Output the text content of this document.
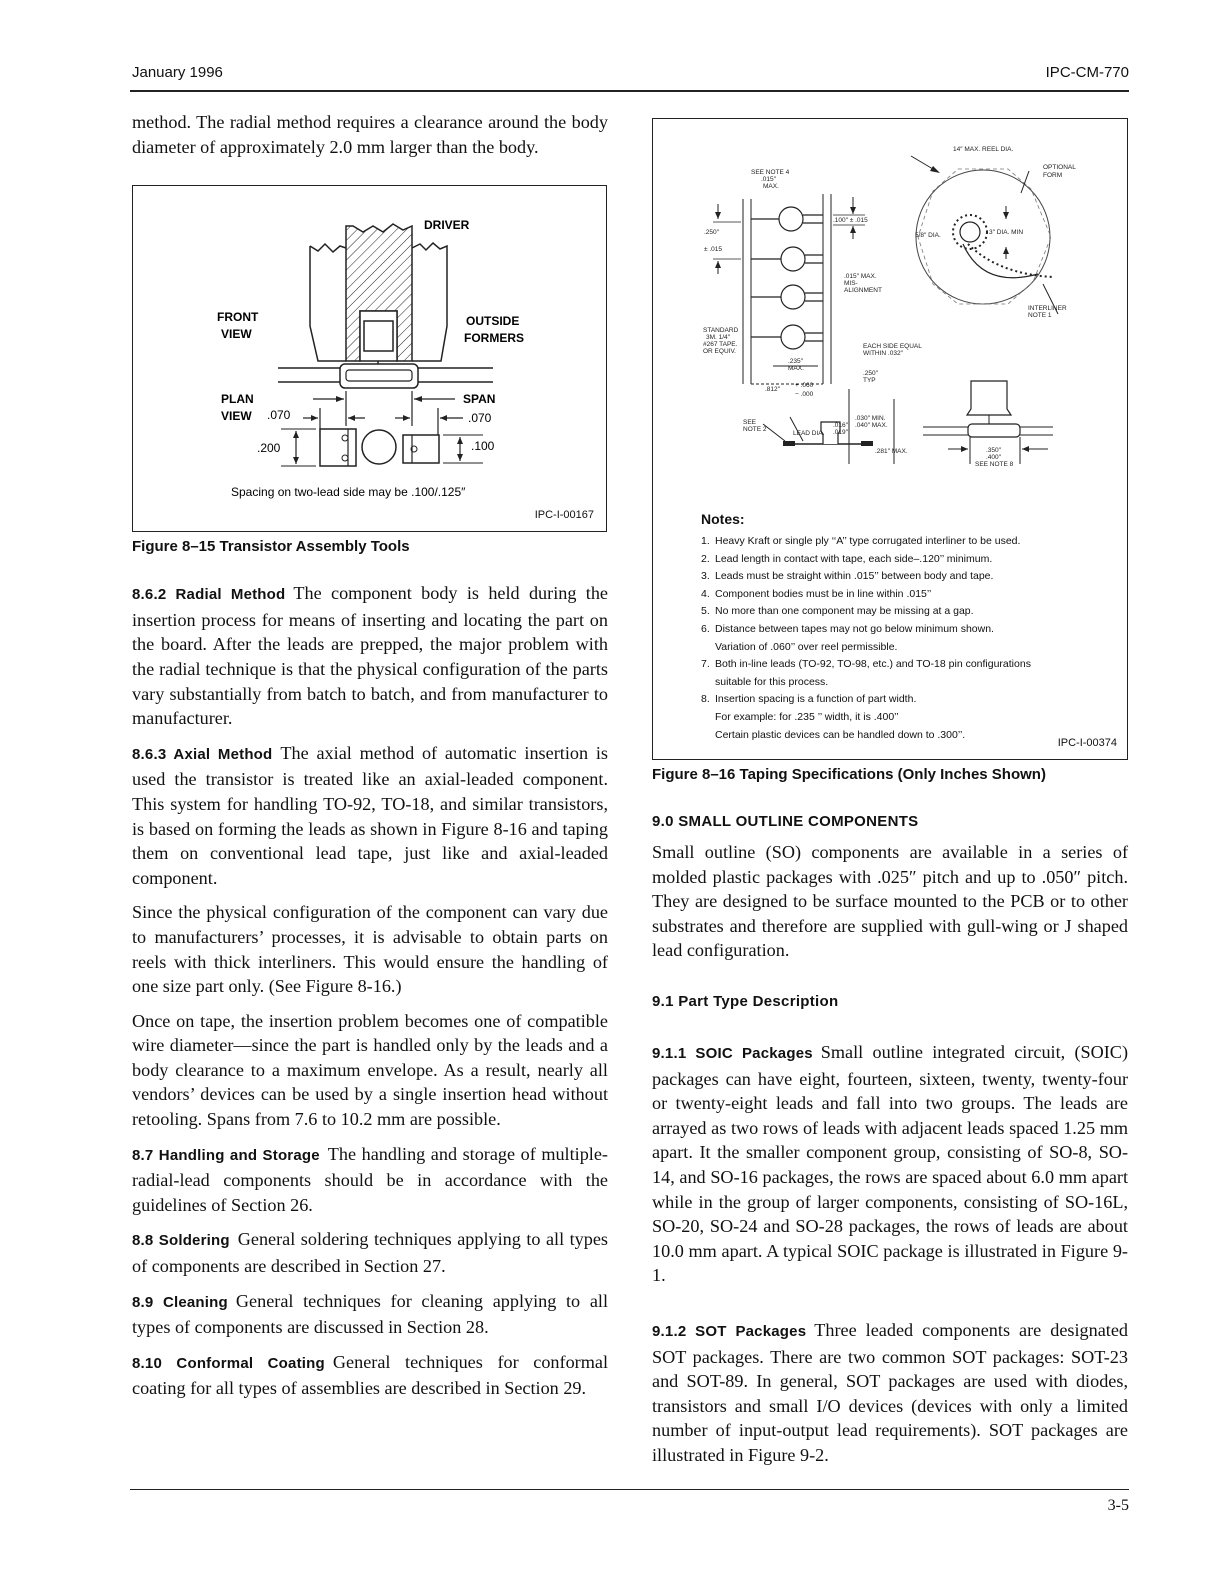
January 1996	IPC-CM-770

method. The radial method requires a clearance around the body diameter of approximately 2.0 mm larger than the body.

DRIVER
FRONT
VIEW
OUTSIDE
FORMERS
PLAN
VIEW
SPAN
.070	.070
.200	.100
Spacing on two-lead side may be .100/.125″
IPC-I-00167
Figure 8–15 Transistor Assembly Tools

8.6.2 Radial Method The component body is held during the insertion process for means of inserting and locating the part on the board. After the leads are prepped, the major problem with the radial technique is that the physical configuration of the parts vary substantially from batch to batch, and from manufacturer to manufacturer.

8.6.3 Axial Method The axial method of automatic insertion is used the transistor is treated like an axial-leaded component. This system for handling TO-92, TO-18, and similar transistors, is based on forming the leads as shown in Figure 8-16 and taping them on conventional lead tape, just like and axial-leaded component.

Since the physical configuration of the component can vary due to manufacturers’ processes, it is advisable to obtain parts on reels with thick interliners. This would ensure the handling of one size part only. (See Figure 8-16.)

Once on tape, the insertion problem becomes one of compatible wire diameter—since the part is handled only by the leads and a body clearance to a maximum envelope. As a result, nearly all vendors’ devices can be used by a single insertion head without retooling. Spans from 7.6 to 10.2 mm are possible.

8.7 Handling and Storage The handling and storage of multiple-radial-lead components should be in accordance with the guidelines of Section 26.

8.8 Soldering General soldering techniques applying to all types of components are described in Section 27.

8.9 Cleaning General techniques for cleaning applying to all types of components are discussed in Section 28.

8.10 Conformal Coating General techniques for conformal coating for all types of assemblies are described in Section 29.

14″ MAX. REEL DIA.
OPTIONAL
FORM
SEE NOTE 4
.015″
MAX.
.250″
± .015
.100″ ± .015
5/8″ DIA.	3″ DIA. MIN
.015″ MAX.
MIS-
ALIGNMENT
INTERLINER
NOTE 1
STANDARD
3M. 1/4″
#267 TAPE.
OR EQUIV.
.235″
MAX.
EACH SIDE EQUAL
WITHIN .032″
.250″
TYP
.812″
+ .060
− .000
SEE
NOTE 2
LEAD DIA.
.016″
.019″
.030″ MIN.
.040″ MAX.
.281″ MAX.	.350″
.400″
SEE NOTE 8
Notes:
1. Heavy Kraft or single ply ‘‘A’’ type corrugated interliner to be used.
2. Lead length in contact with tape, each side–.120’’ minimum.
3. Leads must be straight within .015’’ between body and tape.
4. Component bodies must be in line within .015’’
5. No more than one component may be missing at a gap.
6. Distance between tapes may not go below minimum shown.
Variation of .060’’ over reel permissible.
7. Both in-line leads (TO-92, TO-98, etc.) and TO-18 pin configurations
suitable for this process.
8. Insertion spacing is a function of part width.
For example: for .235 ’’ width, it is .400’’
Certain plastic devices can be handled down to .300’’.
IPC-I-00374
Figure 8–16 Taping Specifications (Only Inches Shown)
9.0 SMALL OUTLINE COMPONENTS

Small outline (SO) components are available in a series of molded plastic packages with .025″ pitch and up to .050″ pitch. They are designed to be surface mounted to the PCB or to other substrates and therefore are supplied with gull-wing or J shaped lead configuration.

9.1 Part Type Description

9.1.1 SOIC Packages Small outline integrated circuit, (SOIC) packages can have eight, fourteen, sixteen, twenty, twenty-four or twenty-eight leads and fall into two groups. The leads are arrayed as two rows of leads with adjacent leads spaced 1.25 mm apart. It the smaller component group, consisting of SO-8, SO-14, and SO-16 packages, the rows are spaced about 6.0 mm apart while in the group of larger components, consisting of SO-16L, SO-20, SO-24 and SO-28 packages, the rows of leads are about 10.0 mm apart. A typical SOIC package is illustrated in Figure 9-1.

9.1.2 SOT Packages Three leaded components are designated SOT packages. There are two common SOT packages: SOT-23 and SOT-89. In general, SOT packages are used with diodes, transistors and small I/O devices (devices with only a limited number of input-output lead requirements). SOT packages are illustrated in Figure 9-2.

3-5
